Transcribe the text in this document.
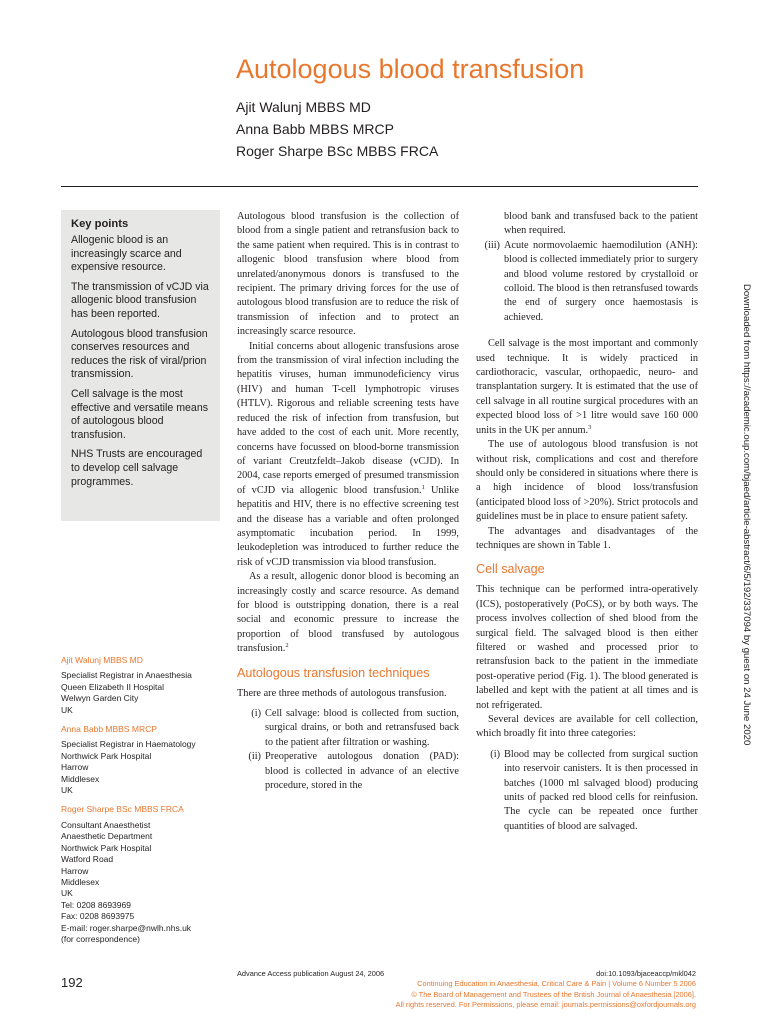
Autologous blood transfusion
Ajit Walunj MBBS MD
Anna Babb MBBS MRCP
Roger Sharpe BSc MBBS FRCA
Key points

Allogenic blood is an increasingly scarce and expensive resource.

The transmission of vCJD via allogenic blood transfusion has been reported.

Autologous blood transfusion conserves resources and reduces the risk of viral/prion transmission.

Cell salvage is the most effective and versatile means of autologous blood transfusion.

NHS Trusts are encouraged to develop cell salvage programmes.

Ajit Walunj MBBS MD
Specialist Registrar in Anaesthesia
Queen Elizabeth II Hospital
Welwyn Garden City
UK
Anna Babb MBBS MRCP
Specialist Registrar in Haematology
Northwick Park Hospital
Harrow
Middlesex
UK
Roger Sharpe BSc MBBS FRCA
Consultant Anaesthetist
Anaesthetic Department
Northwick Park Hospital
Watford Road
Harrow
Middlesex
UK
Tel: 0208 8693969
Fax: 0208 8693975
E-mail: roger.sharpe@nwlh.nhs.uk
(for correspondence)

Autologous blood transfusion is the collection of blood from a single patient and retransfusion back to the same patient when required. This is in contrast to allogenic blood transfusion where blood from unrelated/anonymous donors is transfused to the recipient. The primary driving forces for the use of autologous blood transfusion are to reduce the risk of transmission of infection and to protect an increasingly scarce resource.

Initial concerns about allogenic transfusions arose from the transmission of viral infection including the hepatitis viruses, human immunodeficiency virus (HIV) and human T-cell lymphotropic viruses (HTLV). Rigorous and reliable screening tests have reduced the risk of infection from transfusion, but have added to the cost of each unit. More recently, concerns have focussed on blood-borne transmission of variant Creutzfeldt–Jakob disease (vCJD). In 2004, case reports emerged of presumed transmission of vCJD via allogenic blood transfusion.$^1$ Unlike hepatitis and HIV, there is no effective screening test and the disease has a variable and often prolonged asymptomatic incubation period. In 1999, leukodepletion was introduced to further reduce the risk of vCJD transmission via blood transfusion.

As a result, allogenic donor blood is becoming an increasingly costly and scarce resource. As demand for blood is outstripping donation, there is a real social and economic pressure to increase the proportion of blood transfused by autologous transfusion.$^2$

Autologous transfusion techniques

There are three methods of autologous transfusion.

(i) Cell salvage: blood is collected from suction, surgical drains, or both and retransfused back to the patient after filtration or washing.
(ii) Preoperative autologous donation (PAD): blood is collected in advance of an elective procedure, stored in the
blood bank and transfused back to the patient when required.
(iii) Acute normovolaemic haemodilution (ANH): blood is collected immediately prior to surgery and blood volume restored by crystalloid or colloid. The blood is then retransfused towards the end of surgery once haemostasis is achieved.

Cell salvage is the most important and commonly used technique. It is widely practiced in cardiothoracic, vascular, orthopaedic, neuro- and transplantation surgery. It is estimated that the use of cell salvage in all routine surgical procedures with an expected blood loss of >1 litre would save 160 000 units in the UK per annum.$^3$

The use of autologous blood transfusion is not without risk, complications and cost and therefore should only be considered in situations where there is a high incidence of blood loss/transfusion (anticipated blood loss of >20%). Strict protocols and guidelines must be in place to ensure patient safety.

The advantages and disadvantages of the techniques are shown in Table 1.

Cell salvage

This technique can be performed intra-operatively (ICS), postoperatively (PoCS), or by both ways. The process involves collection of shed blood from the surgical field. The salvaged blood is then either filtered or washed and processed prior to retransfusion back to the patient in the immediate post-operative period (Fig. 1). The blood generated is labelled and kept with the patient at all times and is not refrigerated.

Several devices are available for cell collection, which broadly fit into three categories:

(i) Blood may be collected from surgical suction into reservoir canisters. It is then processed in batches (1000 ml salvaged blood) producing units of packed red blood cells for reinfusion. The cycle can be repeated once further quantities of blood are salvaged.
192
Advance Access publication August 24, 2006	doi:10.1093/bjaceaccp/mkl042
Continuing Education in Anaesthesia, Critical Care & Pain | Volume 6 Number 5 2006
© The Board of Management and Trustees of the British Journal of Anaesthesia [2006].
All rights reserved. For Permissions, please email: journals.permissions@oxfordjournals.org
Downloaded from https://academic.oup.com/bjaed/article-abstract/6/5/192/337094 by guest on 24 June 2020
